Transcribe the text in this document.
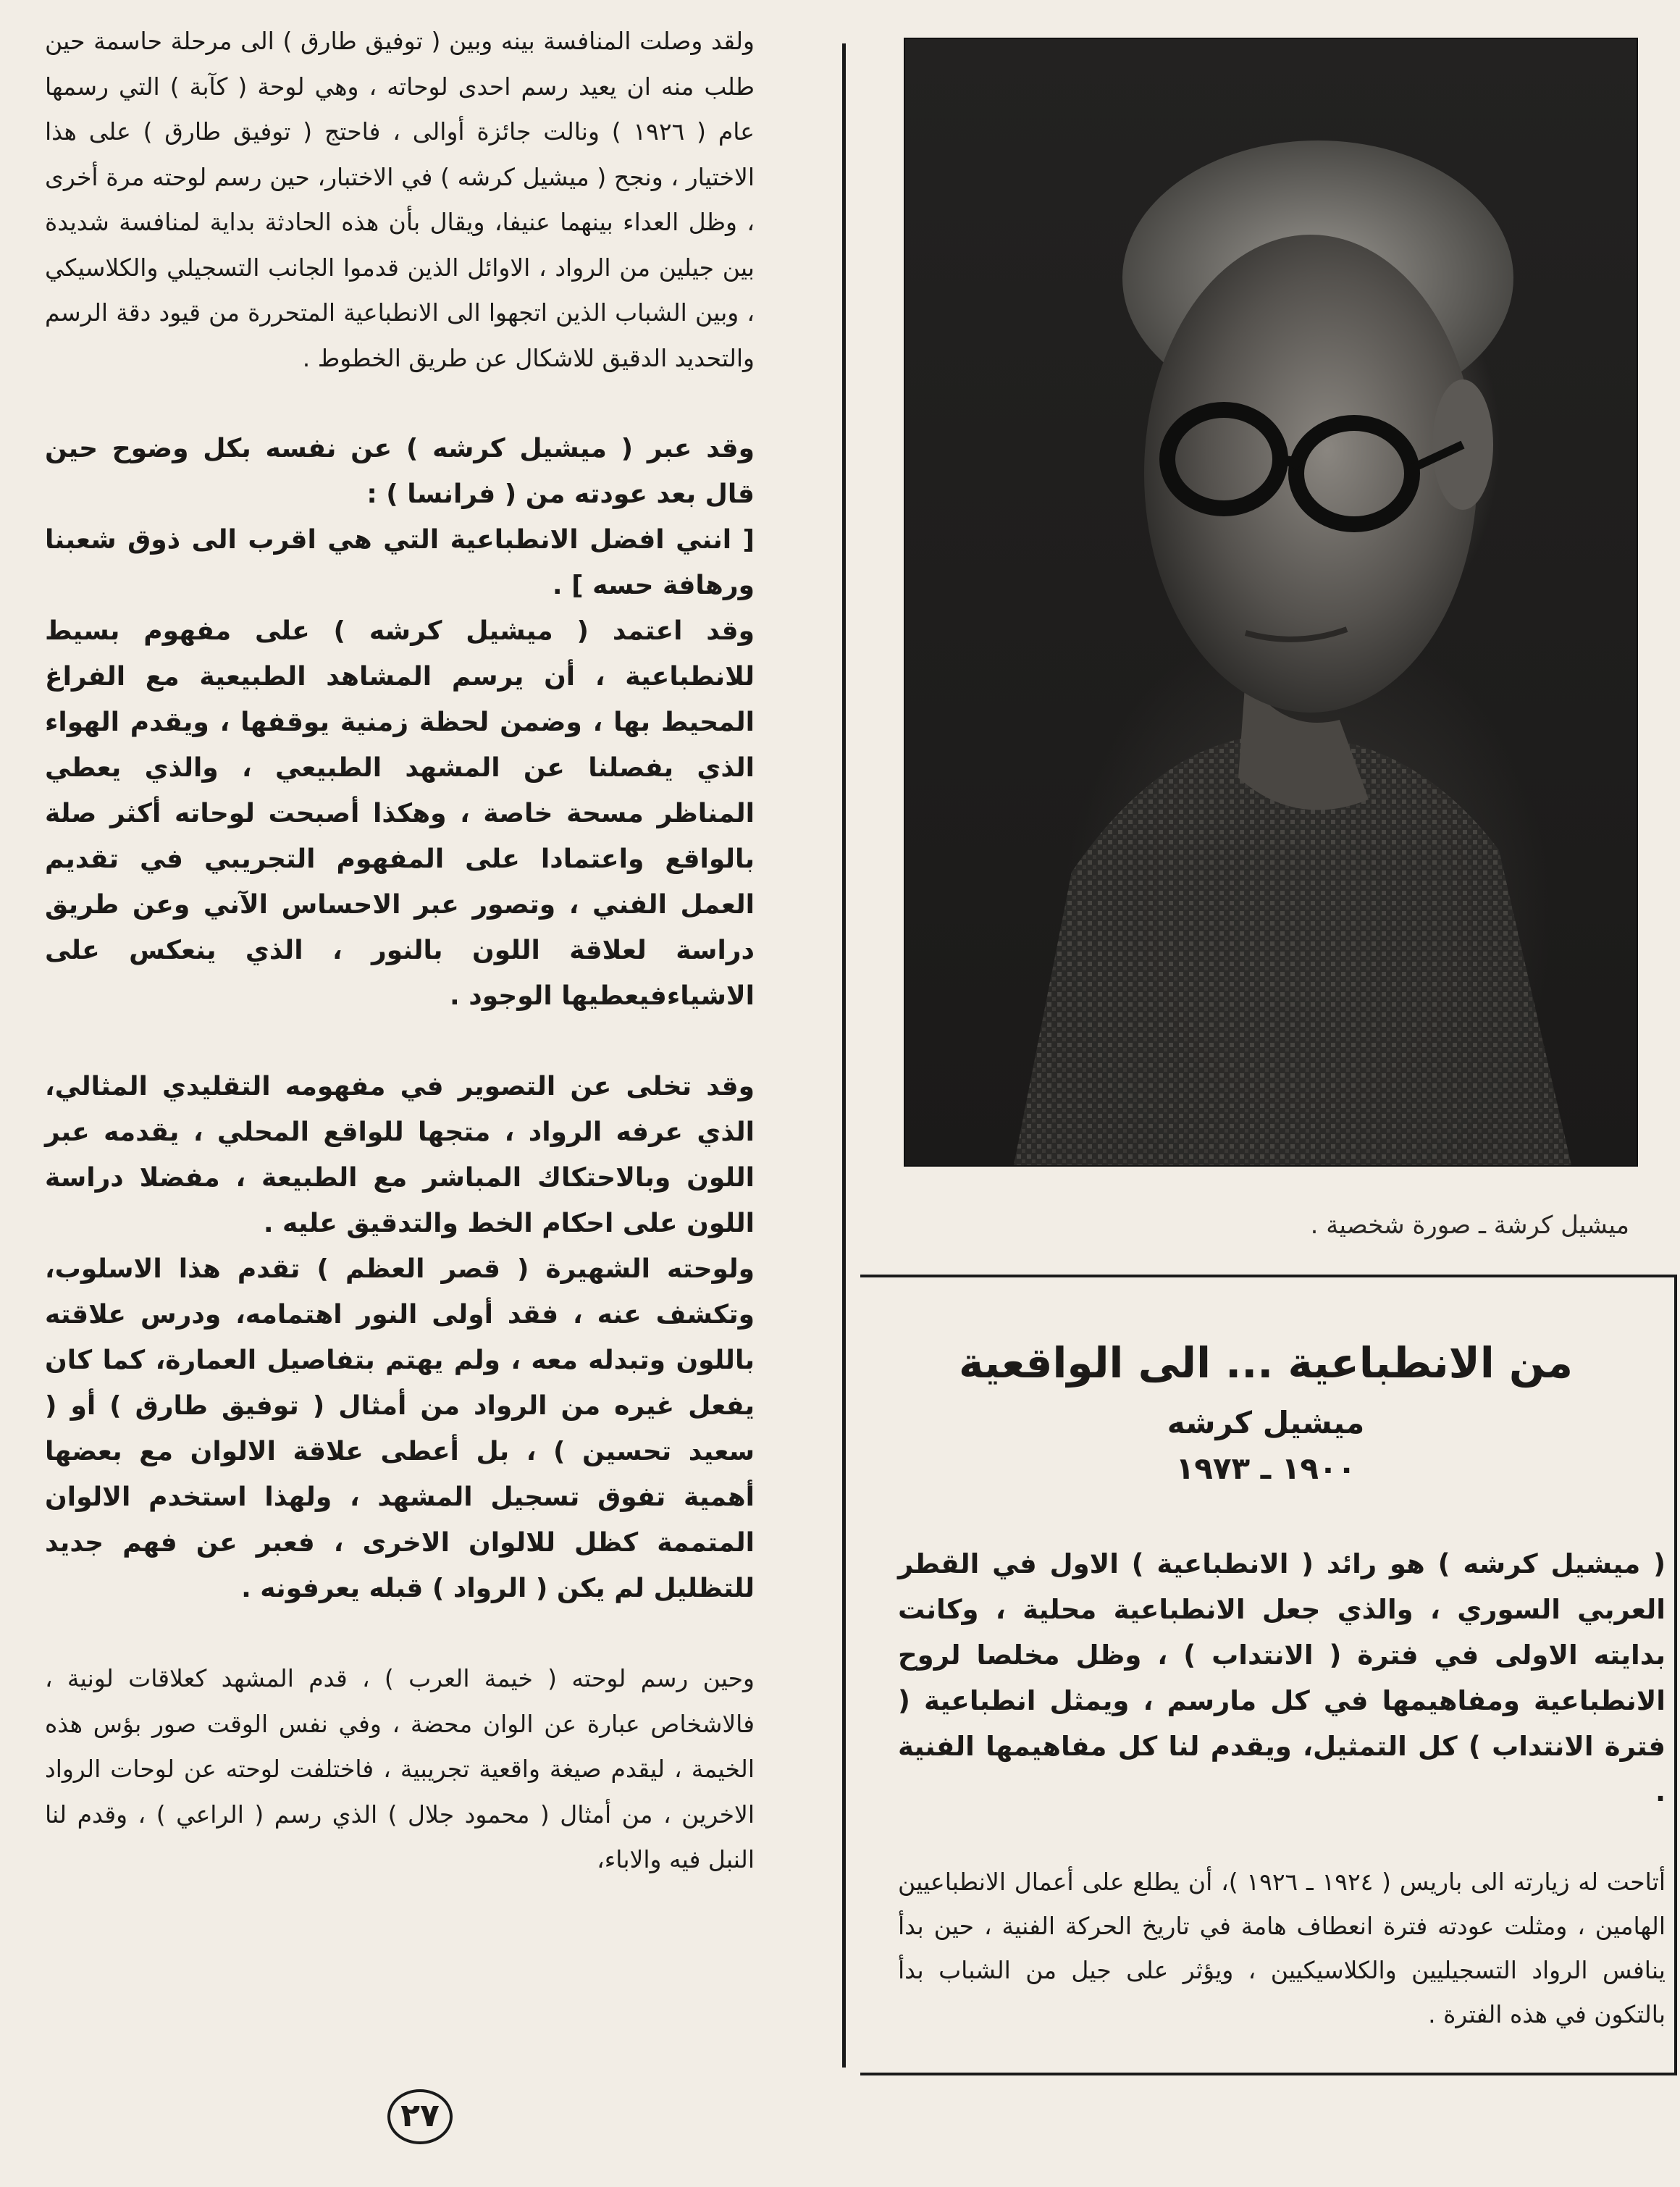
ولقد وصلت المنافسة بينه وبين ( توفيق طارق ) الى مرحلة حاسمة حين طلب منه ان يعيد رسم احدى لوحاته ، وهي لوحة ( كآبة ) التي رسمها عام ( ١٩٢٦ ) ونالت جائزة أوالى ، فاحتج ( توفيق طارق ) على هذا الاختيار ، ونجح ( ميشيل كرشه ) في الاختبار، حين رسم لوحته مرة أخرى ، وظل العداء بينهما عنيفا، ويقال بأن هذه الحادثة بداية لمنافسة شديدة بين جيلين من الرواد ، الاوائل الذين قدموا الجانب التسجيلي والكلاسيكي ، وبين الشباب الذين اتجهوا الى الانطباعية المتحررة من قيود دقة الرسم والتحديد الدقيق للاشكال عن طريق الخطوط .

وقد عبر ( ميشيل كرشه ) عن نفسه بكل وضوح حين قال بعد عودته من ( فرانسا ) :

[ انني افضل الانطباعية التي هي اقرب الى ذوق شعبنا ورهافة حسه ] .

وقد اعتمد ( ميشيل كرشه ) على مفهوم بسيط للانطباعية ، أن يرسم المشاهد الطبيعية مع الفراغ المحيط بها ، وضمن لحظة زمنية يوقفها ، ويقدم الهواء الذي يفصلنا عن المشهد الطبيعي ، والذي يعطي المناظر مسحة خاصة ، وهكذا أصبحت لوحاته أكثر صلة بالواقع واعتمادا على المفهوم التجريبي في تقديم العمل الفني ، وتصور عبر الاحساس الآني وعن طريق دراسة لعلاقة اللون بالنور ، الذي ينعكس على الاشياءفيعطيها الوجود .

وقد تخلى عن التصوير في مفهومه التقليدي المثالي، الذي عرفه الرواد ، متجها للواقع المحلي ، يقدمه عبر اللون وبالاحتكاك المباشر مع الطبيعة ، مفضلا دراسة اللون على احكام الخط والتدقيق عليه .

ولوحته الشهيرة ( قصر العظم ) تقدم هذا الاسلوب، وتكشف عنه ، فقد أولى النور اهتمامه، ودرس علاقته باللون وتبدله معه ، ولم يهتم بتفاصيل العمارة، كما كان يفعل غيره من الرواد من أمثال ( توفيق طارق ) أو ( سعيد تحسين ) ، بل أعطى علاقة الالوان مع بعضها أهمية تفوق تسجيل المشهد ، ولهذا استخدم الالوان المتممة كظل للالوان الاخرى ، فعبر عن فهم جديد للتظليل لم يكن ( الرواد ) قبله يعرفونه .

وحين رسم لوحته ( خيمة العرب ) ، قدم المشهد كعلاقات لونية ، فالاشخاص عبارة عن الوان محضة ، وفي نفس الوقت صور بؤس هذه الخيمة ، ليقدم صيغة واقعية تجريبية ، فاختلفت لوحته عن لوحات الرواد الاخرين ، من أمثال ( محمود جلال ) الذي رسم ( الراعي ) ، وقدم لنا النبل فيه والاباء،

ميشيل كرشة ـ صورة شخصية .
من الانطباعية ... الى الواقعية
ميشيل كرشه
١٩٠٠ ـ ١٩٧٣

( ميشيل كرشه ) هو رائد ( الانطباعية ) الاول في القطر العربي السوري ، والذي جعل الانطباعية محلية ، وكانت بدايته الاولى في فترة ( الانتداب ) ، وظل مخلصا لروح الانطباعية ومفاهيمها في كل مارسم ، ويمثل انطباعية ( فترة الانتداب ) كل التمثيل، ويقدم لنا كل مفاهيمها الفنية .

أتاحت له زيارته الى باريس ( ١٩٢٤ ـ ١٩٢٦ )، أن يطلع على أعمال الانطباعيين الهامين ، ومثلت عودته فترة انعطاف هامة في تاريخ الحركة الفنية ، حين بدأ ينافس الرواد التسجيليين والكلاسيكيين ، ويؤثر على جيل من الشباب بدأ بالتكون في هذه الفترة .

٢٧
